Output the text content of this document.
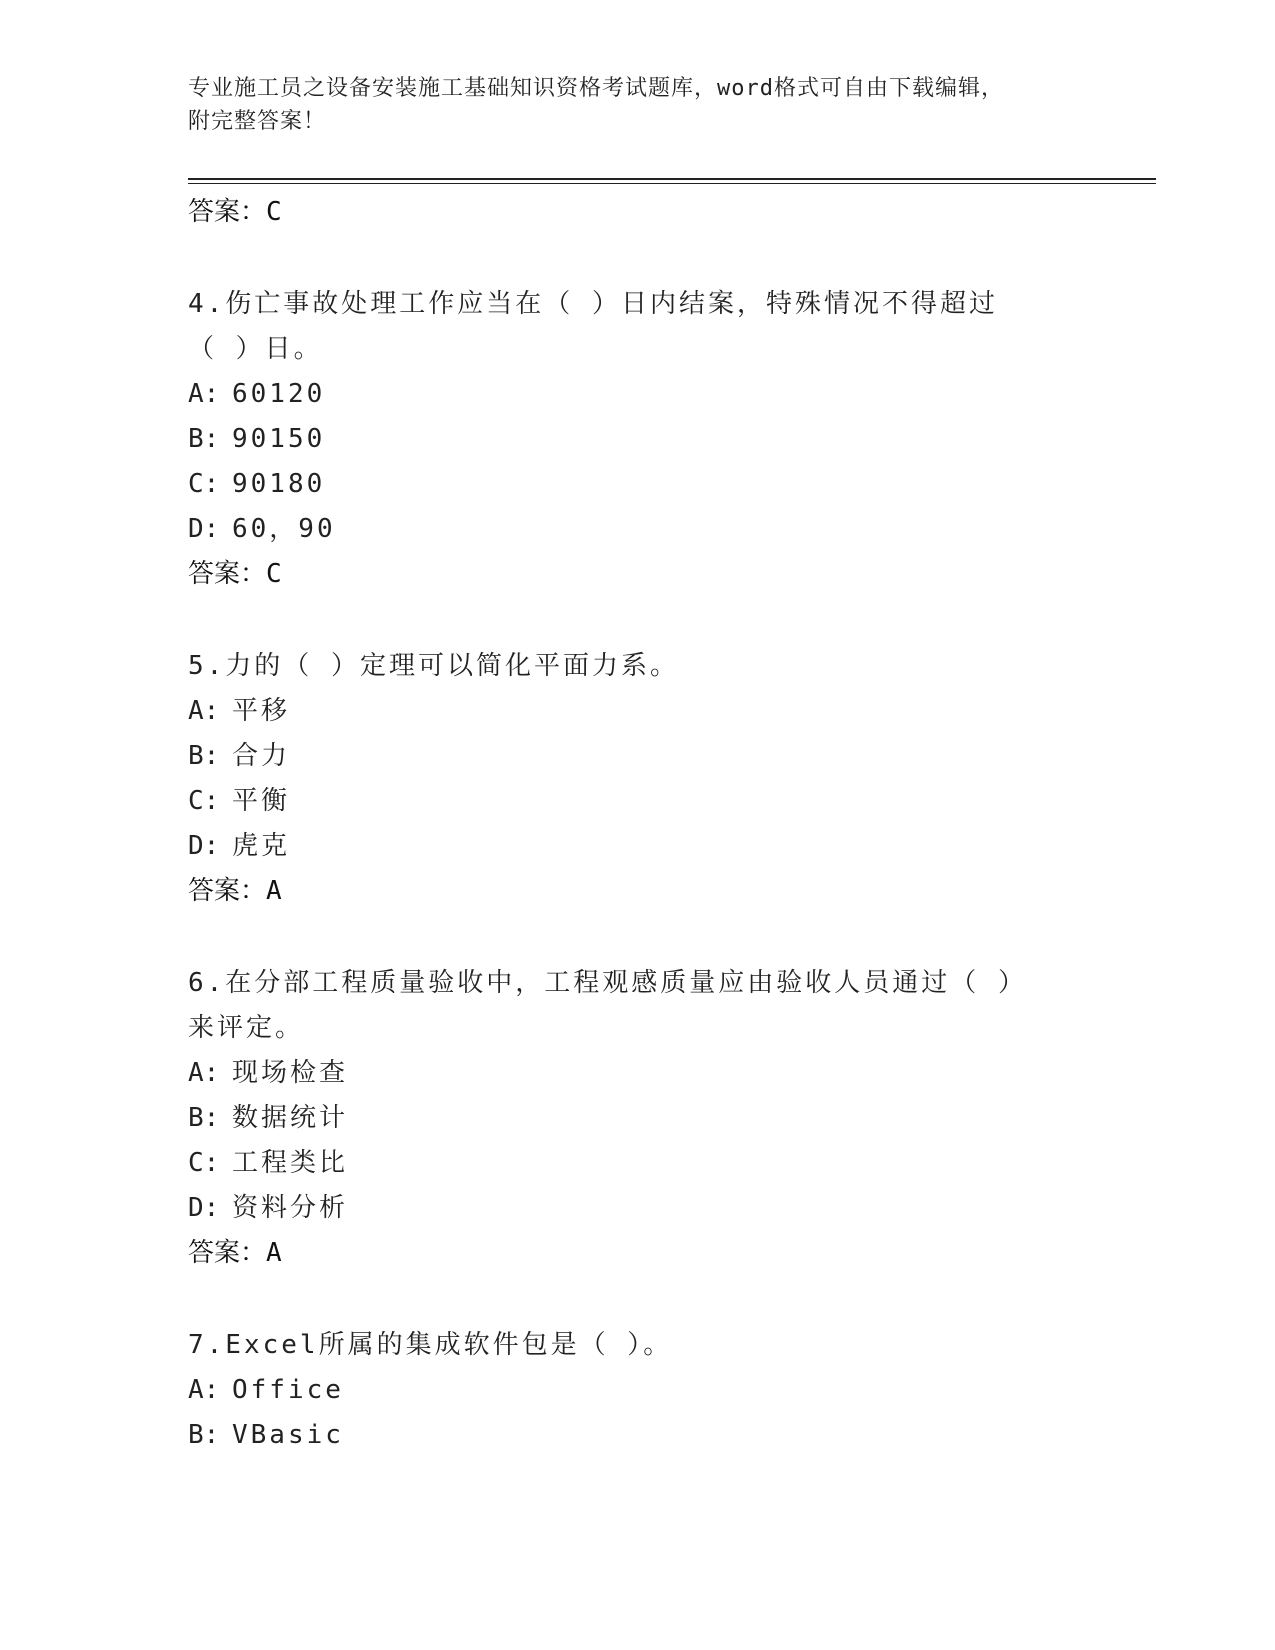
专业施工员之设备安装施工基础知识资格考试题库，word格式可自由下载编辑，
附完整答案！
答案：C
4.伤亡事故处理工作应当在（ ）日内结案，特殊情况不得超过（ ）日。
A: 60120
B: 90150
C: 90180
D: 60，90
答案：C
5.力的（ ）定理可以简化平面力系。
A: 平移
B: 合力
C: 平衡
D: 虎克
答案：A
6.在分部工程质量验收中，工程观感质量应由验收人员通过（ ）来评定。
A: 现场检查
B: 数据统计
C: 工程类比
D: 资料分析
答案：A
7.Excel所属的集成软件包是（ ）。
A: Office
B: VBasic
